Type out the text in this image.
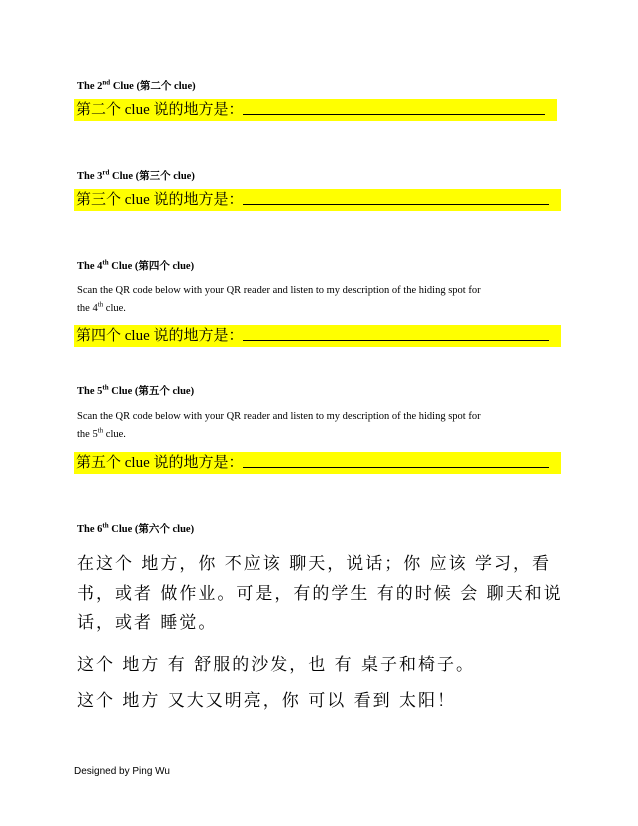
The 2nd Clue (第二个 clue)
第二个 clue 说的地方是：
The 3rd Clue (第三个 clue)
第三个 clue 说的地方是：
The 4th Clue (第四个 clue)
Scan the QR code below with your QR reader and listen to my description of the hiding spot for
the 4th clue.
第四个 clue 说的地方是：
The 5th Clue (第五个 clue)
Scan the QR code below with your QR reader and listen to my description of the hiding spot for
the 5th clue.
第五个 clue 说的地方是：
The 6th Clue (第六个 clue)
在这个 地方，你 不应该 聊天，说话；你 应该 学习，看
书，或者 做作业。可是，有的学生 有的时候 会 聊天和说
话，或者 睡觉。
这个 地方 有 舒服的沙发，也 有 桌子和椅子。
这个 地方 又大又明亮，你 可以 看到 太阳！
Designed by Ping Wu
